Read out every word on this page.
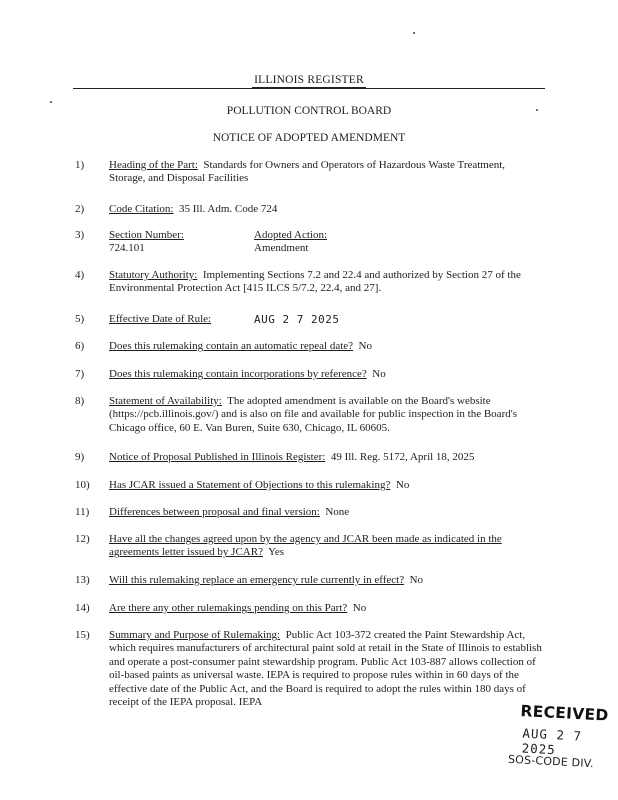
ILLINOIS REGISTER
POLLUTION CONTROL BOARD
NOTICE OF ADOPTED AMENDMENT
1)	Heading of the Part: Standards for Owners and Operators of Hazardous Waste Treatment, Storage, and Disposal Facilities
2)	Code Citation: 35 Ill. Adm. Code 724
3)	Section Number:
724.101
Adopted Action:
Amendment
4)	Statutory Authority: Implementing Sections 7.2 and 22.4 and authorized by Section 27 of the Environmental Protection Act [415 ILCS 5/7.2, 22.4, and 27].
5)	Effective Date of Rule:	AUG 2 7 2025
6)	Does this rulemaking contain an automatic repeal date? No
7)	Does this rulemaking contain incorporations by reference? No
8)	Statement of Availability: The adopted amendment is available on the Board's website (https://pcb.illinois.gov/) and is also on file and available for public inspection in the Board's Chicago office, 60 E. Van Buren, Suite 630, Chicago, IL 60605.
9)	Notice of Proposal Published in Illinois Register: 49 Ill. Reg. 5172, April 18, 2025
10)	Has JCAR issued a Statement of Objections to this rulemaking? No
11)	Differences between proposal and final version: None
12)	Have all the changes agreed upon by the agency and JCAR been made as indicated in the agreements letter issued by JCAR? Yes
13)	Will this rulemaking replace an emergency rule currently in effect? No
14)	Are there any other rulemakings pending on this Part? No
15)	Summary and Purpose of Rulemaking: Public Act 103-372 created the Paint Stewardship Act, which requires manufacturers of architectural paint sold at retail in the State of Illinois to establish and operate a post-consumer paint stewardship program. Public Act 103-887 allows collection of oil-based paints as universal waste. IEPA is required to propose rules within in 60 days of the effective date of the Public Act, and the Board is required to adopt the rules within 180 days of receipt of the IEPA proposal. IEPA	RECEIVED
AUG 2 7 2025
SOS-CODE DIV.
